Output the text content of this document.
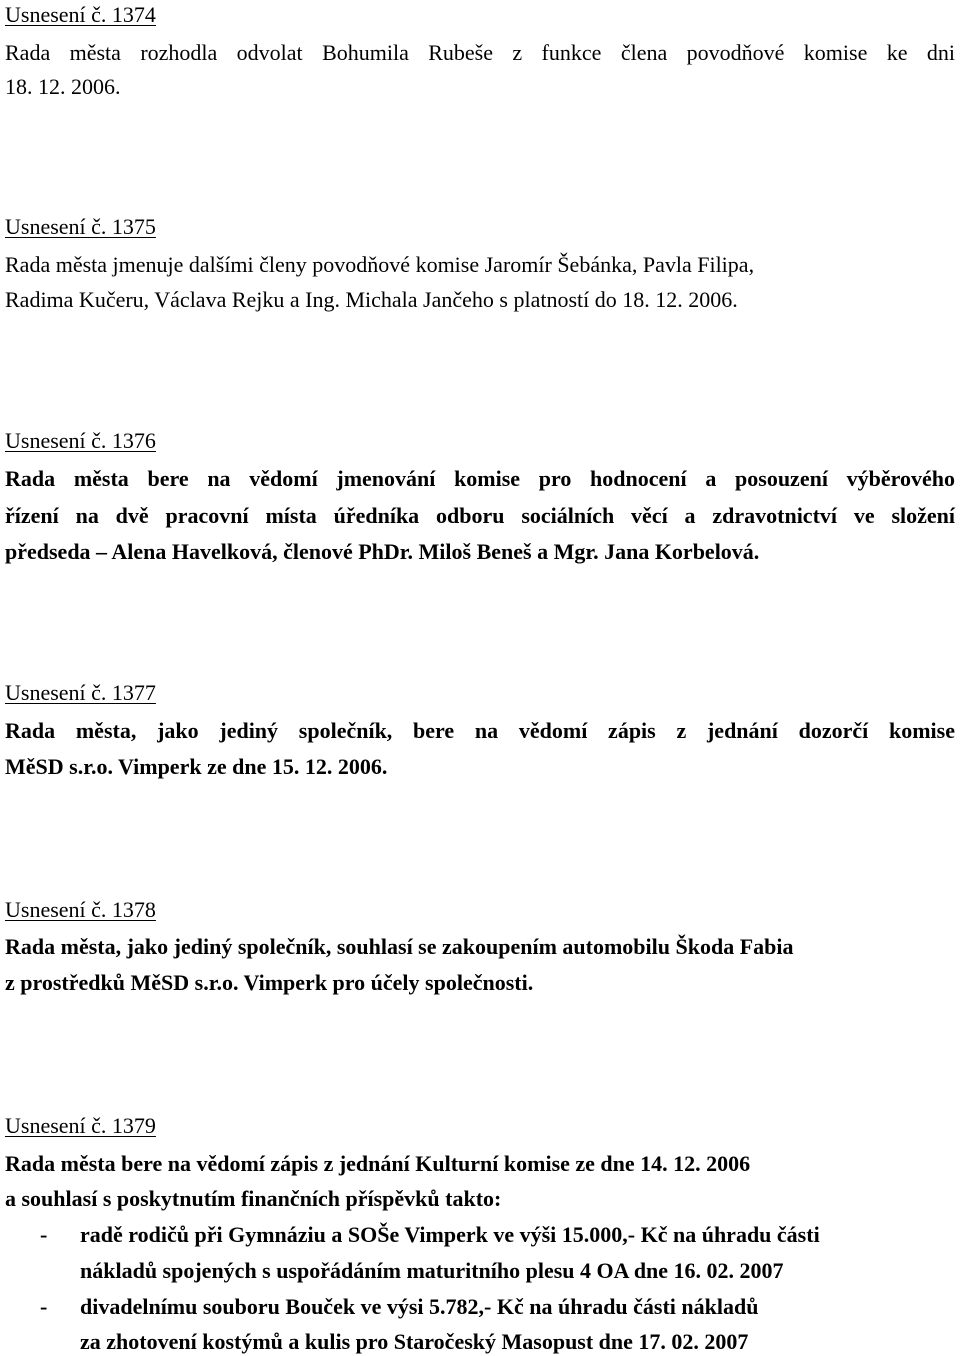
Usnesení č. 1374
Rada města rozhodla odvolat Bohumila Rubeše z funkce člena povodňové komise ke dni
18. 12. 2006.
Usnesení č. 1375
Rada města jmenuje dalšími členy povodňové komise Jaromír Šebánka, Pavla Filipa,
Radima Kučeru, Václava Rejku a Ing. Michala Jančeho s platností do 18. 12. 2006.
Usnesení č. 1376
Rada města bere na vědomí jmenování komise pro hodnocení a posouzení výběrového
řízení na dvě pracovní místa úředníka odboru sociálních věcí a zdravotnictví ve složení
předseda – Alena Havelková, členové PhDr. Miloš Beneš a Mgr. Jana Korbelová.
Usnesení č. 1377
Rada města, jako jediný společník, bere na vědomí zápis z jednání dozorčí komise
MěSD s.r.o. Vimperk ze dne 15. 12. 2006.
Usnesení č. 1378
Rada města, jako jediný společník, souhlasí se zakoupením automobilu Škoda Fabia
z prostředků MěSD s.r.o. Vimperk pro účely společnosti.
Usnesení č. 1379
Rada města bere na vědomí zápis z jednání Kulturní komise ze dne 14. 12. 2006
a souhlasí s poskytnutím finančních příspěvků takto:
- radě rodičů při Gymnáziu a SOŠe Vimperk ve výši 15.000,- Kč na úhradu části
nákladů spojených s uspořádáním maturitního plesu 4 OA dne 16. 02. 2007
- divadelnímu souboru Bouček ve výsi 5.782,- Kč na úhradu části nákladů
za zhotovení kostýmů a kulis pro Staročeský Masopust dne 17. 02. 2007
